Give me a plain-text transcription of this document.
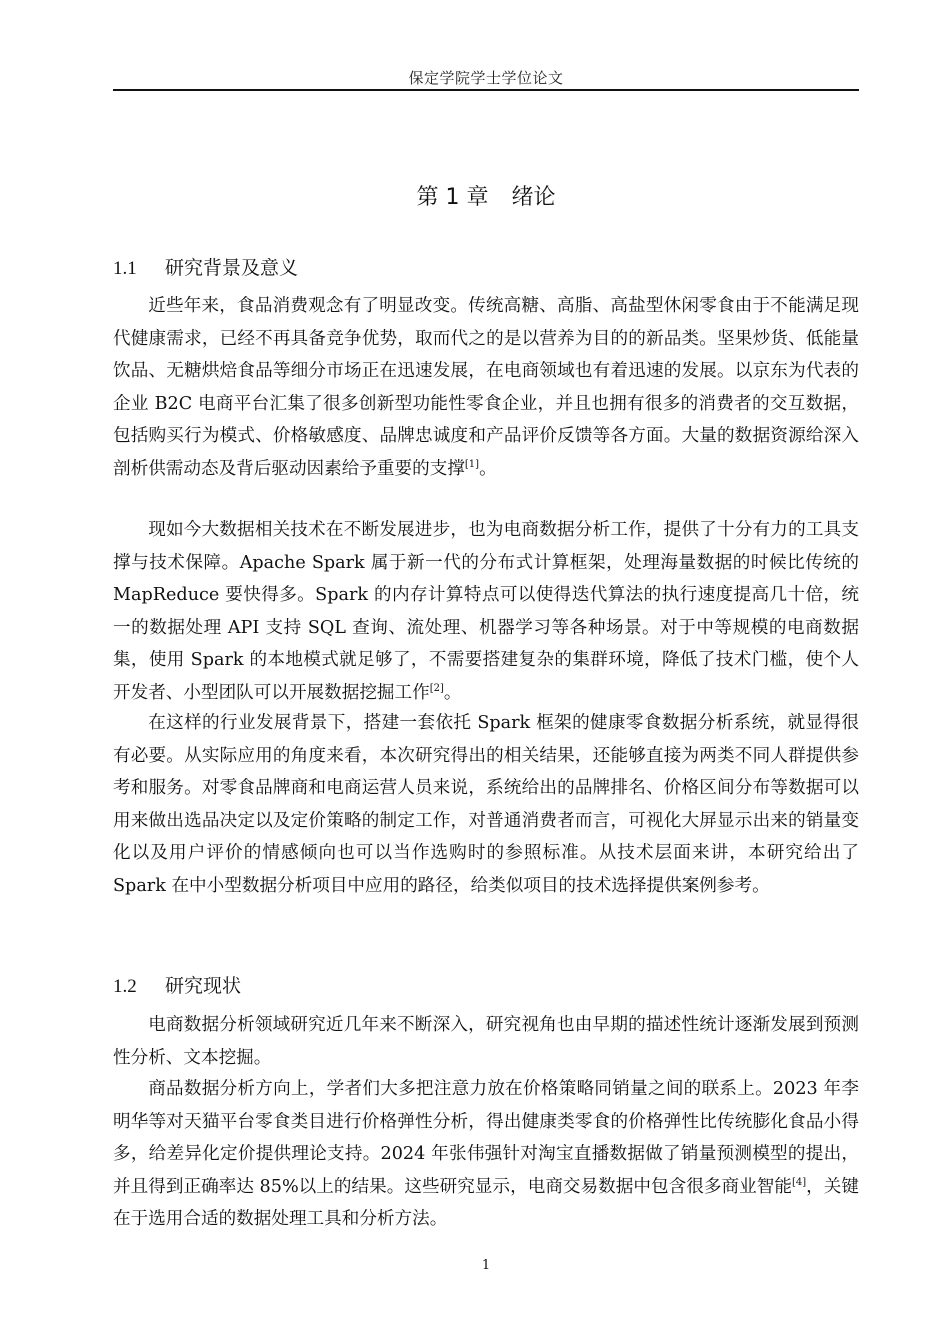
保定学院学士学位论文
第 1 章 绪论
1.1 研究背景及意义

近些年来，食品消费观念有了明显改变。传统高糖、高脂、高盐型休闲零食由于不能满足现代健康需求，已经不再具备竞争优势，取而代之的是以营养为目的的新品类。坚果炒货、低能量饮品、无糖烘焙食品等细分市场正在迅速发展，在电商领域也有着迅速的发展。以京东为代表的企业 B2C 电商平台汇集了很多创新型功能性零食企业，并且也拥有很多的消费者的交互数据，包括购买行为模式、价格敏感度、品牌忠诚度和产品评价反馈等各方面。大量的数据资源给深入剖析供需动态及背后驱动因素给予重要的支撑[1]。

现如今大数据相关技术在不断发展进步，也为电商数据分析工作，提供了十分有力的工具支撑与技术保障。Apache Spark 属于新一代的分布式计算框架，处理海量数据的时候比传统的 MapReduce 要快得多。Spark 的内存计算特点可以使得迭代算法的执行速度提高几十倍，统一的数据处理 API 支持 SQL 查询、流处理、机器学习等各种场景。对于中等规模的电商数据集，使用 Spark 的本地模式就足够了，不需要搭建复杂的集群环境，降低了技术门槛，使个人开发者、小型团队可以开展数据挖掘工作[2]。

在这样的行业发展背景下，搭建一套依托 Spark 框架的健康零食数据分析系统，就显得很有必要。从实际应用的角度来看，本次研究得出的相关结果，还能够直接为两类不同人群提供参考和服务。对零食品牌商和电商运营人员来说，系统给出的品牌排名、价格区间分布等数据可以用来做出选品决定以及定价策略的制定工作，对普通消费者而言，可视化大屏显示出来的销量变化以及用户评价的情感倾向也可以当作选购时的参照标准。从技术层面来讲，本研究给出了 Spark 在中小型数据分析项目中应用的路径，给类似项目的技术选择提供案例参考。

1.2 研究现状

电商数据分析领域研究近几年来不断深入，研究视角也由早期的描述性统计逐渐发展到预测性分析、文本挖掘。

商品数据分析方向上，学者们大多把注意力放在价格策略同销量之间的联系上。2023 年李明华等对天猫平台零食类目进行价格弹性分析，得出健康类零食的价格弹性比传统膨化食品小得多，给差异化定价提供理论支持。2024 年张伟强针对淘宝直播数据做了销量预测模型的提出，并且得到正确率达 85%以上的结果。这些研究显示，电商交易数据中包含很多商业智能[4]，关键在于选用合适的数据处理工具和分析方法。

1
